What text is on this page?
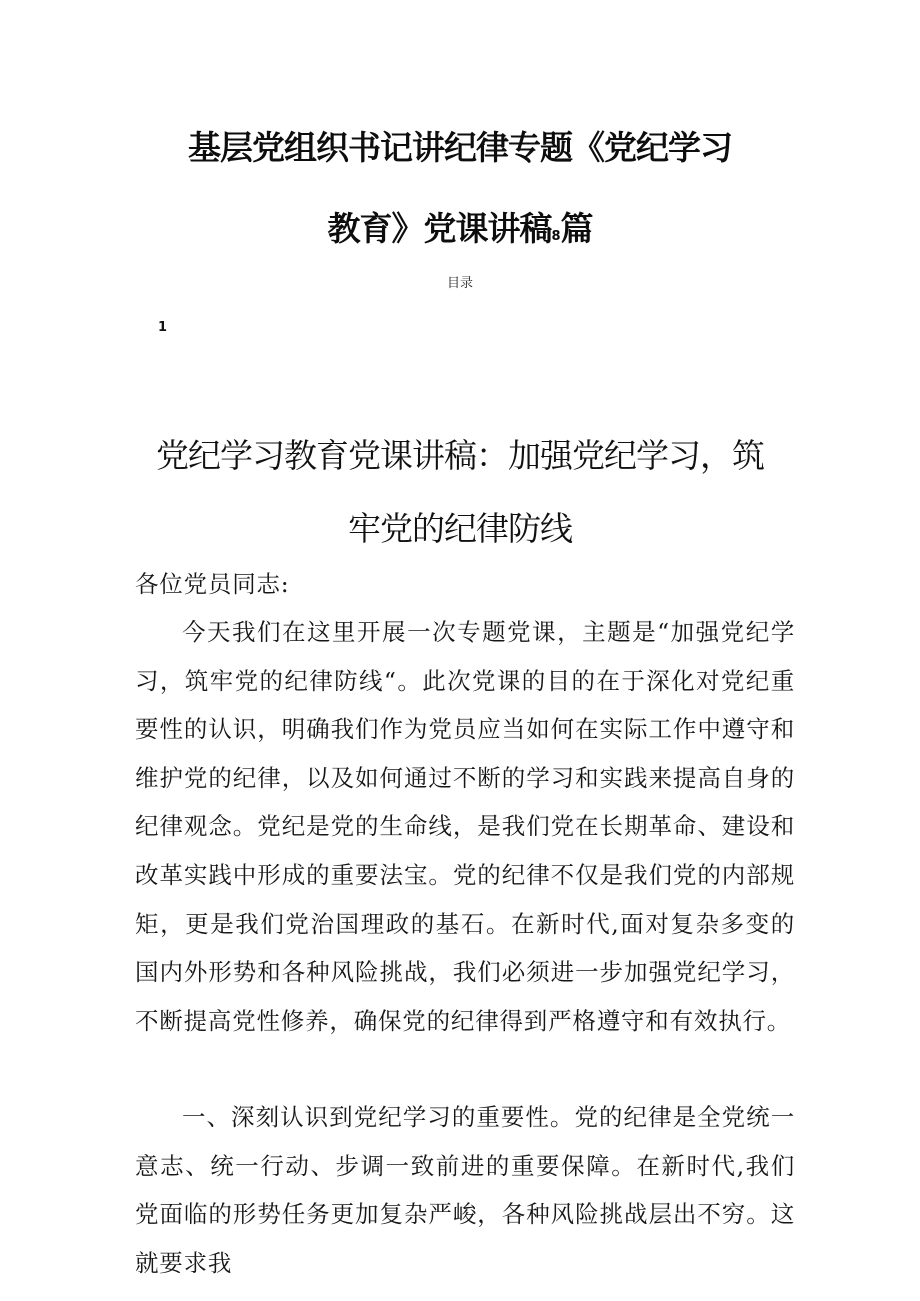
基层党组织书记讲纪律专题《党纪学习
教育》党课讲稿8篇
目录
1
党纪学习教育党课讲稿：加强党纪学习，筑
牢党的纪律防线
各位党员同志:
今天我们在这里开展一次专题党课，主题是“加强党纪学习，筑牢党的纪律防线“。此次党课的目的在于深化对党纪重要性的认识，明确我们作为党员应当如何在实际工作中遵守和维护党的纪律，以及如何通过不断的学习和实践来提高自身的纪律观念。党纪是党的生命线，是我们党在长期革命、建设和改革实践中形成的重要法宝。党的纪律不仅是我们党的内部规矩，更是我们党治国理政的基石。在新时代,面对复杂多变的国内外形势和各种风险挑战，我们必须进一步加强党纪学习，不断提高党性修养，确保党的纪律得到严格遵守和有效执行。
一、深刻认识到党纪学习的重要性。党的纪律是全党统一意志、统一行动、步调一致前进的重要保障。在新时代,我们党面临的形势任务更加复杂严峻，各种风险挑战层出不穷。这就要求我
